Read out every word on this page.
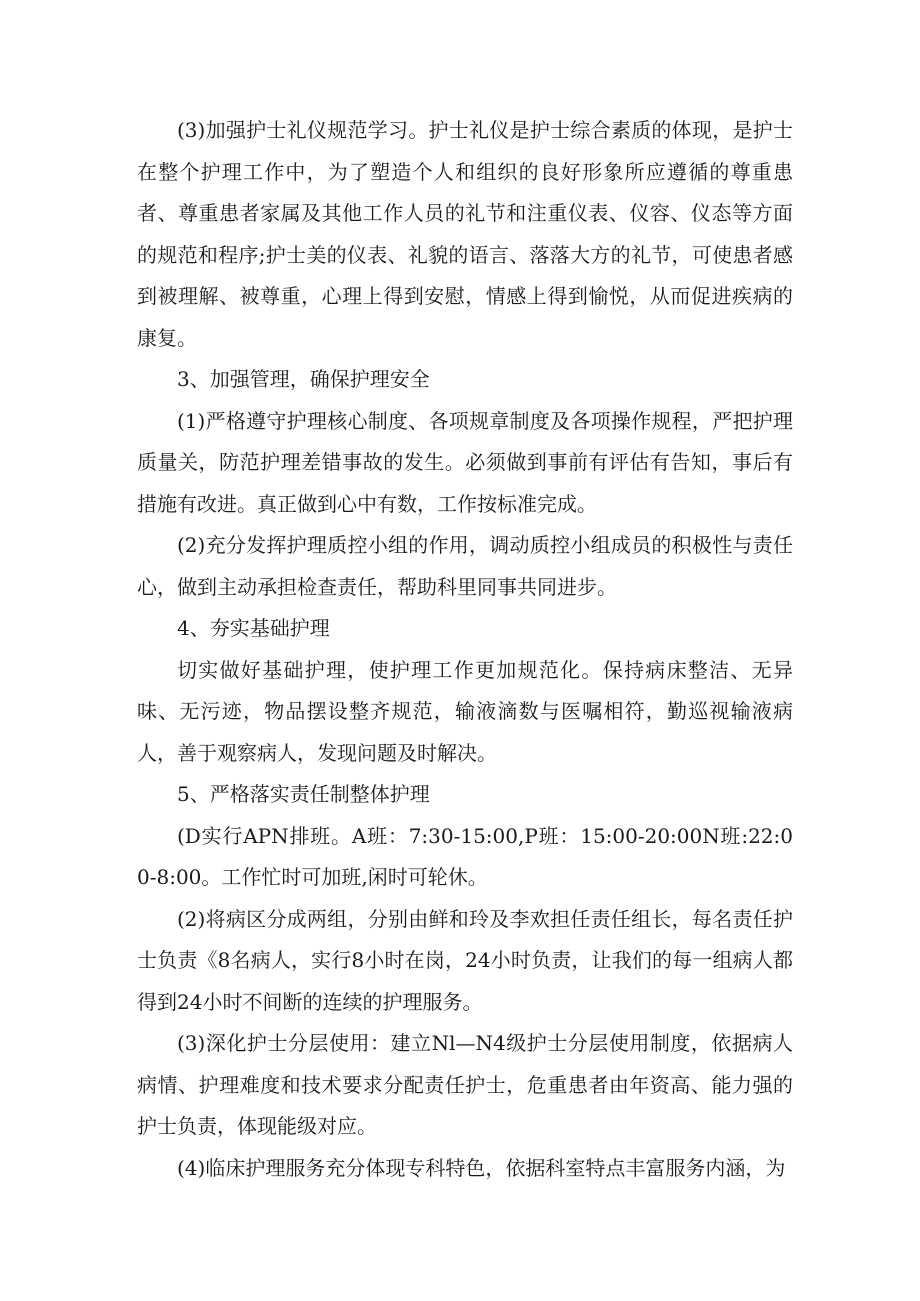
(3)加强护士礼仪规范学习。护士礼仪是护士综合素质的体现，是护士在整个护理工作中，为了塑造个人和组织的良好形象所应遵循的尊重患者、尊重患者家属及其他工作人员的礼节和注重仪表、仪容、仪态等方面的规范和程序;护士美的仪表、礼貌的语言、落落大方的礼节，可使患者感到被理解、被尊重，心理上得到安慰，情感上得到愉悦，从而促进疾病的康复。

3、加强管理，确保护理安全

(1)严格遵守护理核心制度、各项规章制度及各项操作规程，严把护理质量关，防范护理差错事故的发生。必须做到事前有评估有告知，事后有措施有改进。真正做到心中有数，工作按标准完成。

(2)充分发挥护理质控小组的作用，调动质控小组成员的积极性与责任心，做到主动承担检查责任，帮助科里同事共同进步。

4、夯实基础护理

切实做好基础护理，使护理工作更加规范化。保持病床整洁、无异味、无污迹，物品摆设整齐规范，输液滴数与医嘱相符，勤巡视输液病人，善于观察病人，发现问题及时解决。

5、严格落实责任制整体护理

(D实行APN排班。A班：7:30-15:00,P班：15:00-20:00N班:22:00-8:00。工作忙时可加班,闲时可轮休。

(2)将病区分成两组，分别由鲜和玲及李欢担任责任组长，每名责任护士负责《8名病人，实行8小时在岗，24小时负责，让我们的每一组病人都得到24小时不间断的连续的护理服务。

(3)深化护士分层使用：建立Nl—N4级护士分层使用制度，依据病人病情、护理难度和技术要求分配责任护士，危重患者由年资高、能力强的护士负责，体现能级对应。

(4)临床护理服务充分体现专科特色，依据科室特点丰富服务内涵，为
